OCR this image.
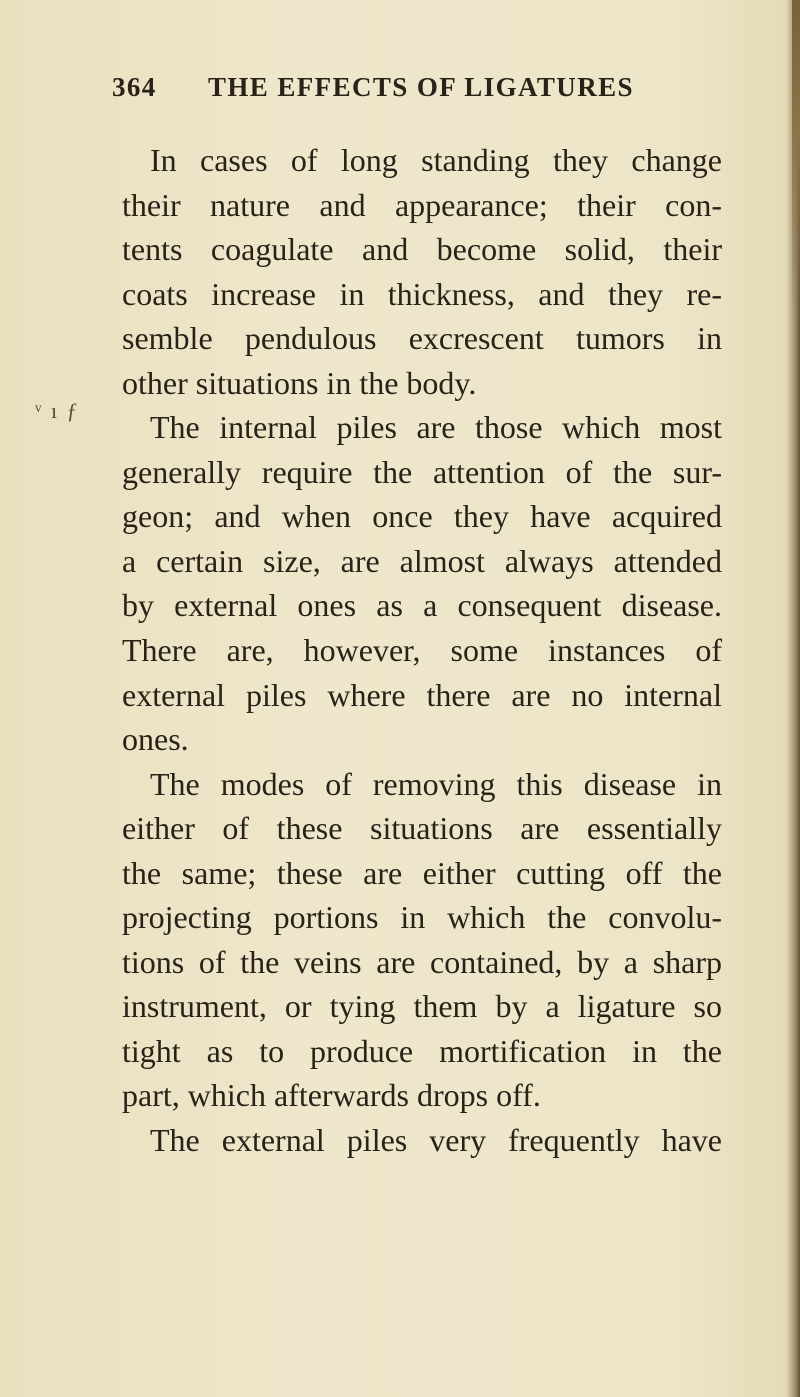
364 THE EFFECTS OF LIGATURES
ᵛ ı ƒ
In cases of long standing they change
their nature and appearance; their con-
tents coagulate and become solid, their
coats increase in thickness, and they re-
semble pendulous excrescent tumors in
other situations in the body.
The internal piles are those which most
generally require the attention of the sur-
geon; and when once they have acquired
a certain size, are almost always attended
by external ones as a consequent disease.
There are, however, some instances of
external piles where there are no internal
ones.
The modes of removing this disease in
either of these situations are essentially
the same; these are either cutting off the
projecting portions in which the convolu-
tions of the veins are contained, by a sharp
instrument, or tying them by a ligature so
tight as to produce mortification in the
part, which afterwards drops off.
The external piles very frequently have
